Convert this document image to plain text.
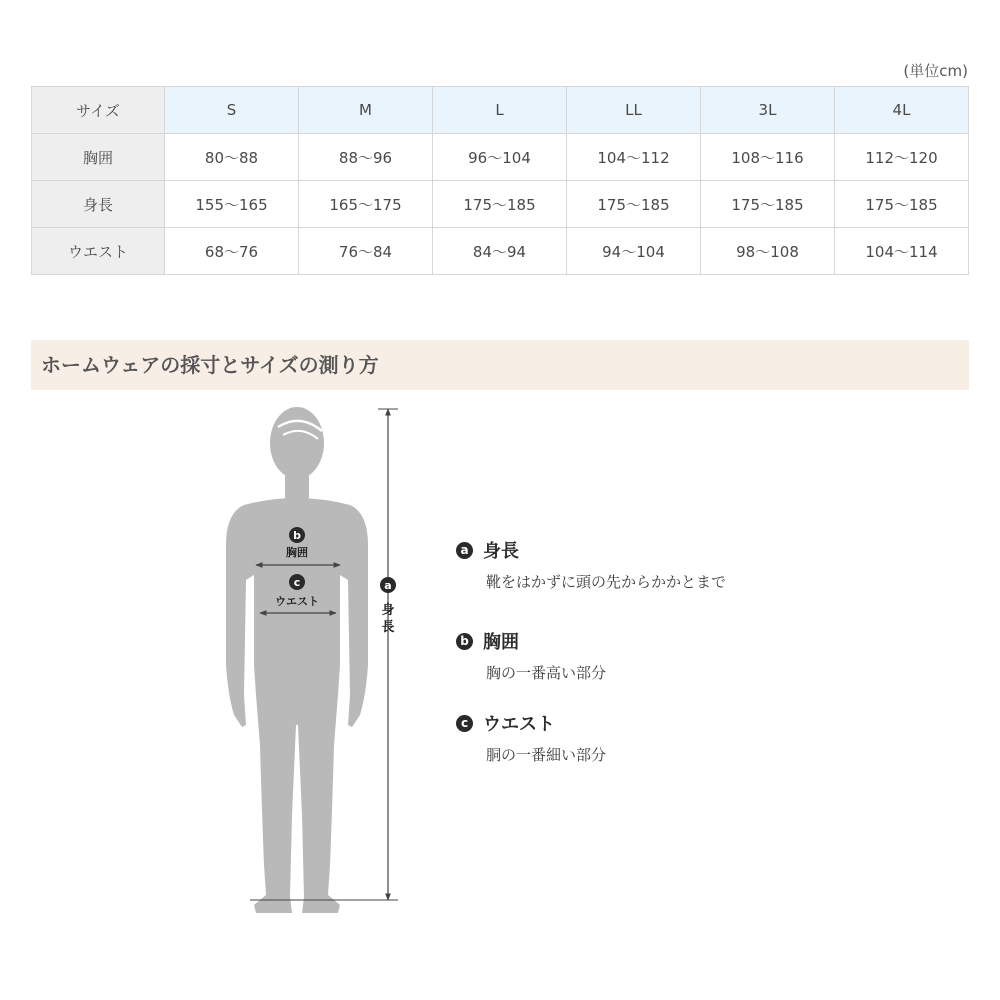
(単位cm)
サイズ	S	M	L	LL	3L	4L
胸囲	80〜88	88〜96	96〜104	104〜112	108〜116	112〜120
身長	155〜165	165〜175	175〜185	175〜185	175〜185	175〜185
ウエスト	68〜76	76〜84	84〜94	94〜104	98〜108	104〜114
ホームウェアの採寸とサイズの測り方
b
胸囲
c
ウエスト
a
身
長
a 身長
靴をはかずに頭の先からかかとまで
b 胸囲
胸の一番高い部分
c ウエスト
胴の一番細い部分
